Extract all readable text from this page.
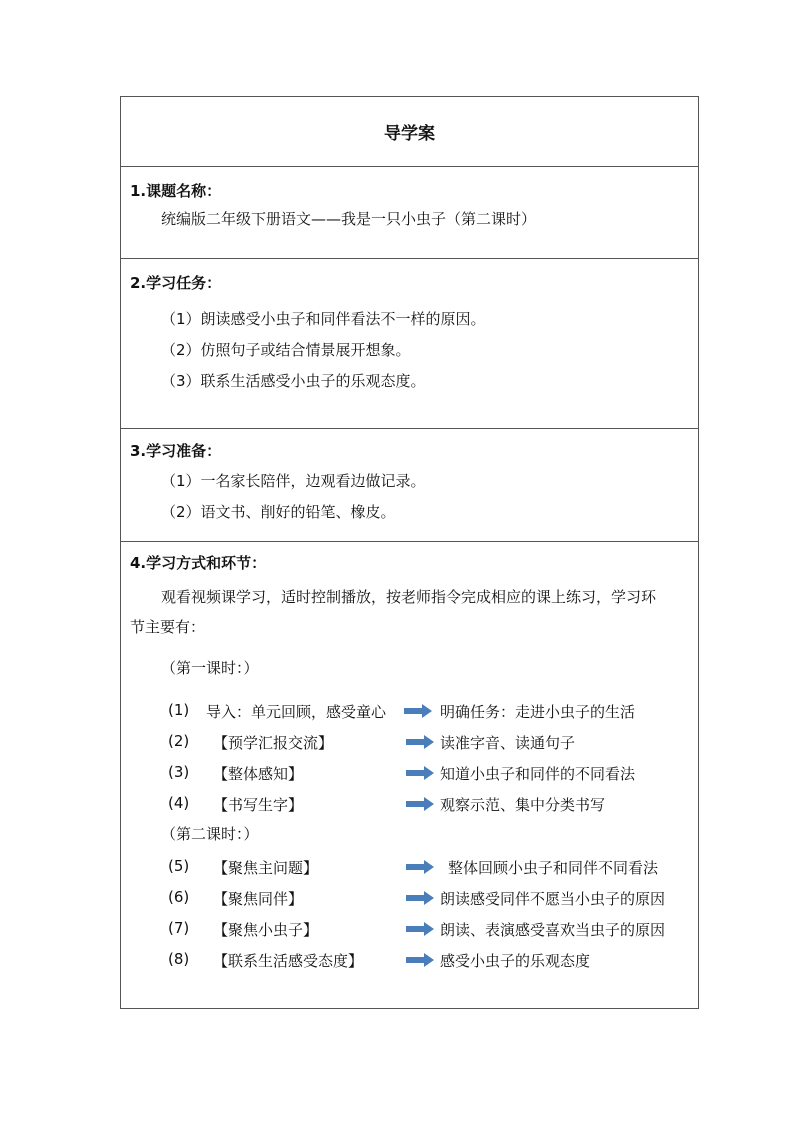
导学案
1.课题名称：
统编版二年级下册语文——我是一只小虫子（第二课时）
2.学习任务：
（1）朗读感受小虫子和同伴看法不一样的原因。
（2）仿照句子或结合情景展开想象。
（3）联系生活感受小虫子的乐观态度。
3.学习准备：
（1）一名家长陪伴，边观看边做记录。
（2）语文书、削好的铅笔、橡皮。
4.学习方式和环节：
观看视频课学习，适时控制播放，按老师指令完成相应的课上练习，学习环
节主要有：
（第一课时：）
(1) 导入：单元回顾，感受童心	明确任务：走进小虫子的生活
(2) 【预学汇报交流】	读准字音、读通句子
(3) 【整体感知】	知道小虫子和同伴的不同看法
(4) 【书写生字】	观察示范、集中分类书写
（第二课时：）
(5) 【聚焦主问题】	整体回顾小虫子和同伴不同看法
(6) 【聚焦同伴】	朗读感受同伴不愿当小虫子的原因
(7) 【聚焦小虫子】	朗读、表演感受喜欢当虫子的原因
(8) 【联系生活感受态度】	感受小虫子的乐观态度
